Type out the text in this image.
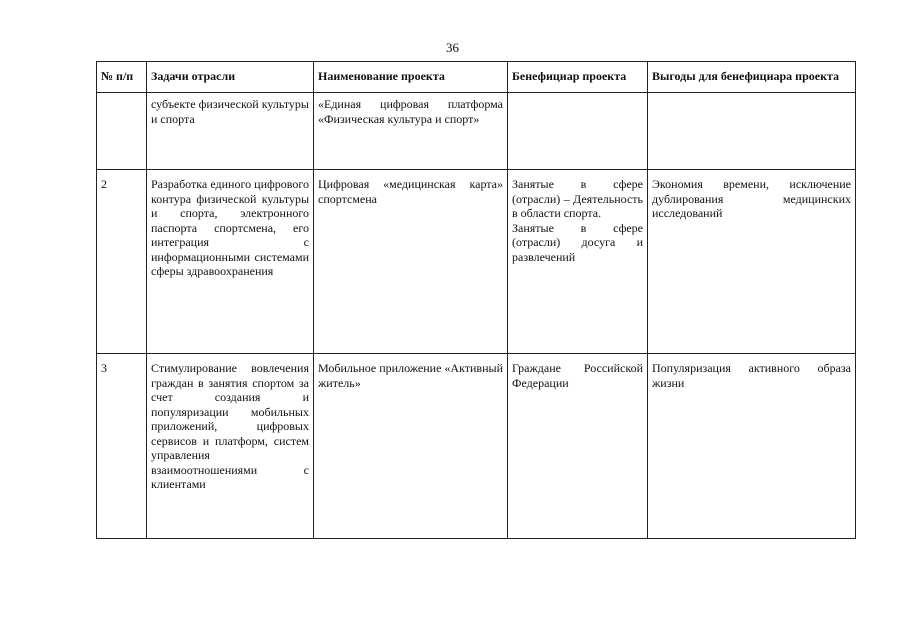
36
№ п/п	Задачи отрасли	Наименование проекта	Бенефициар проекта	Выгоды для бенефициара проекта
	субъекте физической культуры и спорта	«Единая цифровая платформа «Физическая культура и спорт»	

2	Разработка единого цифрового контура физической культуры и спорта, электронного паспорта спортсмена, его интеграция с информационными системами сферы здравоохранения	Цифровая «медицинская карта» спортсмена	Занятые в сфере (отрасли) – Деятельность в области спорта.
Занятые в сфере (отрасли) досуга и развлечений	Экономия времени, исключение дублирования медицинских исследований
3	Стимулирование вовлечения граждан в занятия спортом за счет создания и популяризации мобильных приложений, цифровых сервисов и платформ, систем управления взаимоотношениями с клиентами	Мобильное приложение «Активный житель»	Граждане Российской Федерации	Популяризация активного образа жизни
